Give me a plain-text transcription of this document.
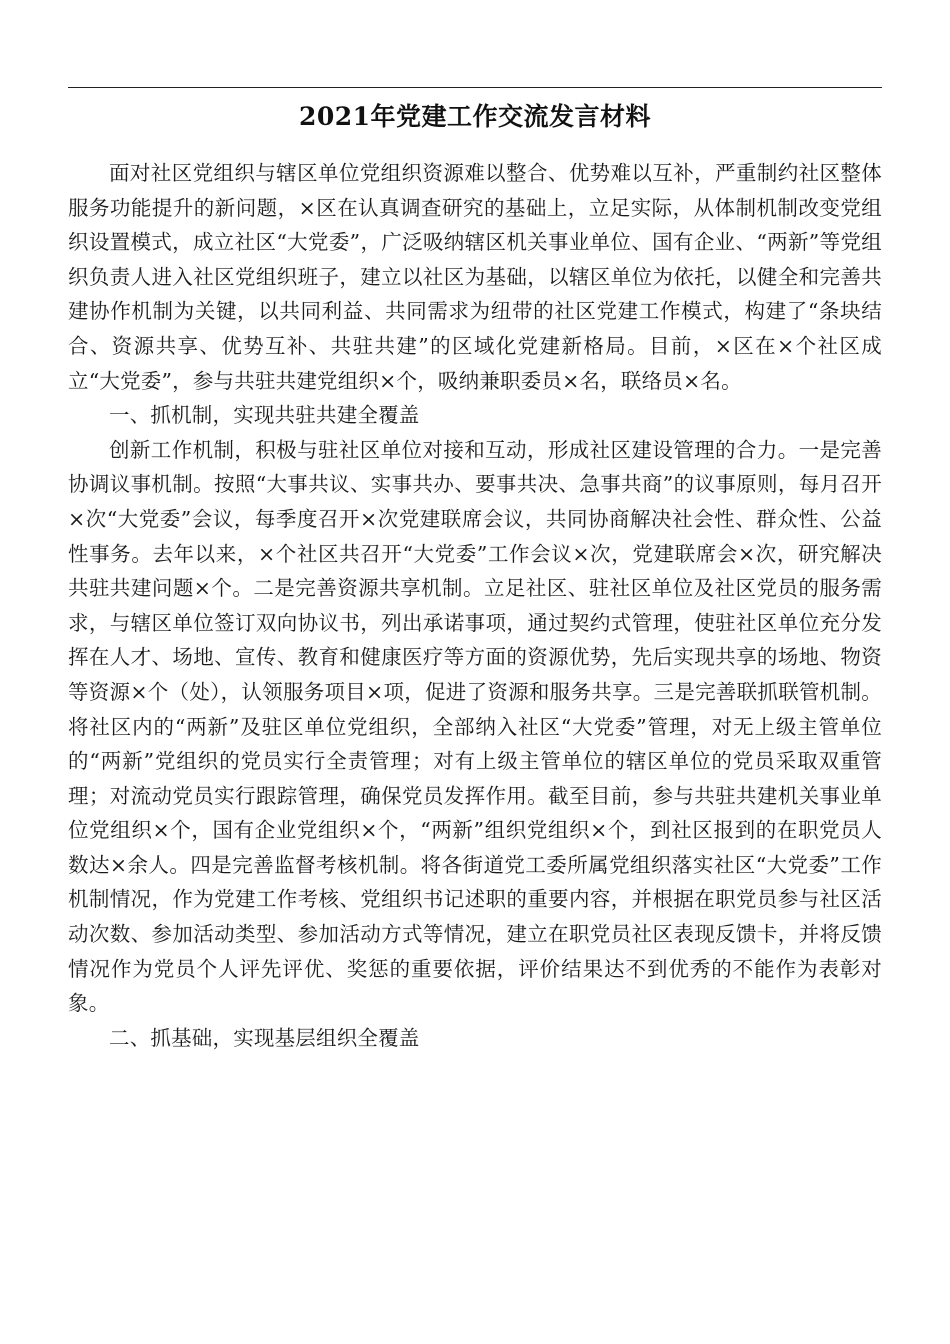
2021年党建工作交流发言材料

面对社区党组织与辖区单位党组织资源难以整合、优势难以互补，严重制约社区整体服务功能提升的新问题，×区在认真调查研究的基础上，立足实际，从体制机制改变党组织设置模式，成立社区“大党委”，广泛吸纳辖区机关事业单位、国有企业、“两新”等党组织负责人进入社区党组织班子，建立以社区为基础，以辖区单位为依托，以健全和完善共建协作机制为关键，以共同利益、共同需求为纽带的社区党建工作模式，构建了“条块结合、资源共享、优势互补、共驻共建”的区域化党建新格局。目前，×区在×个社区成立“大党委”，参与共驻共建党组织×个，吸纳兼职委员×名，联络员×名。

一、抓机制，实现共驻共建全覆盖

创新工作机制，积极与驻社区单位对接和互动，形成社区建设管理的合力。一是完善协调议事机制。按照“大事共议、实事共办、要事共决、急事共商”的议事原则，每月召开×次“大党委”会议，每季度召开×次党建联席会议，共同协商解决社会性、群众性、公益性事务。去年以来，×个社区共召开“大党委”工作会议×次，党建联席会×次，研究解决共驻共建问题×个。二是完善资源共享机制。立足社区、驻社区单位及社区党员的服务需求，与辖区单位签订双向协议书，列出承诺事项，通过契约式管理，使驻社区单位充分发挥在人才、场地、宣传、教育和健康医疗等方面的资源优势，先后实现共享的场地、物资等资源×个（处），认领服务项目×项，促进了资源和服务共享。三是完善联抓联管机制。将社区内的“两新”及驻区单位党组织，全部纳入社区“大党委”管理，对无上级主管单位的“两新”党组织的党员实行全责管理；对有上级主管单位的辖区单位的党员采取双重管理；对流动党员实行跟踪管理，确保党员发挥作用。截至目前，参与共驻共建机关事业单位党组织×个，国有企业党组织×个，“两新”组织党组织×个，到社区报到的在职党员人数达×余人。四是完善监督考核机制。将各街道党工委所属党组织落实社区“大党委”工作机制情况，作为党建工作考核、党组织书记述职的重要内容，并根据在职党员参与社区活动次数、参加活动类型、参加活动方式等情况，建立在职党员社区表现反馈卡，并将反馈情况作为党员个人评先评优、奖惩的重要依据，评价结果达不到优秀的不能作为表彰对象。

二、抓基础，实现基层组织全覆盖
